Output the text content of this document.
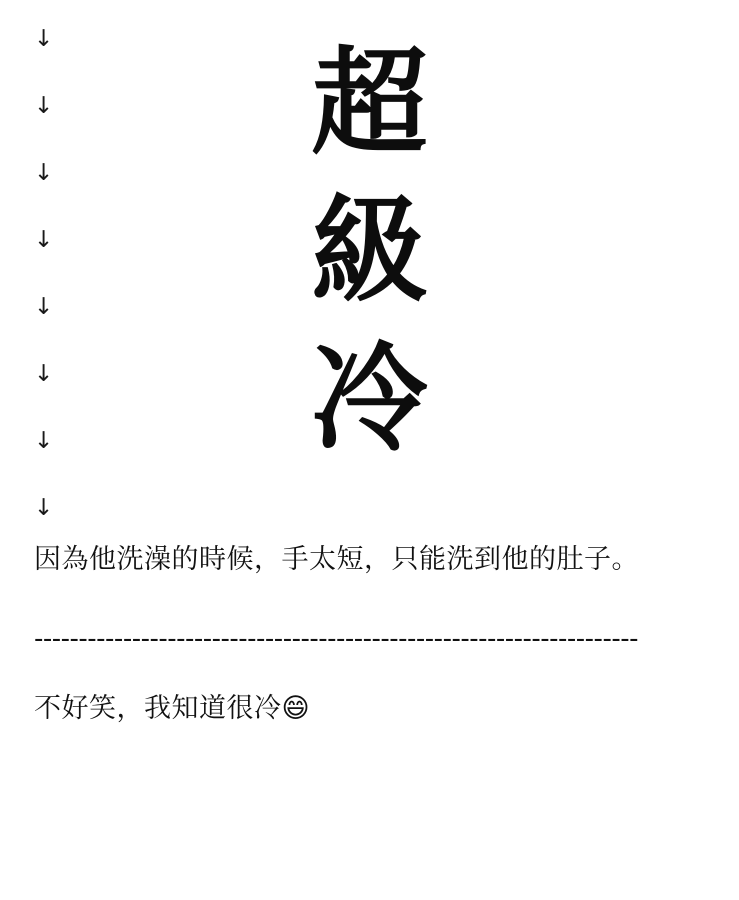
↓
↓
↓
↓
↓
↓
↓
↓
超
級
冷
因為他洗澡的時候，手太短，只能洗到他的肚子。
--------------------------------------------------------------------
不好笑，我知道很冷😄
